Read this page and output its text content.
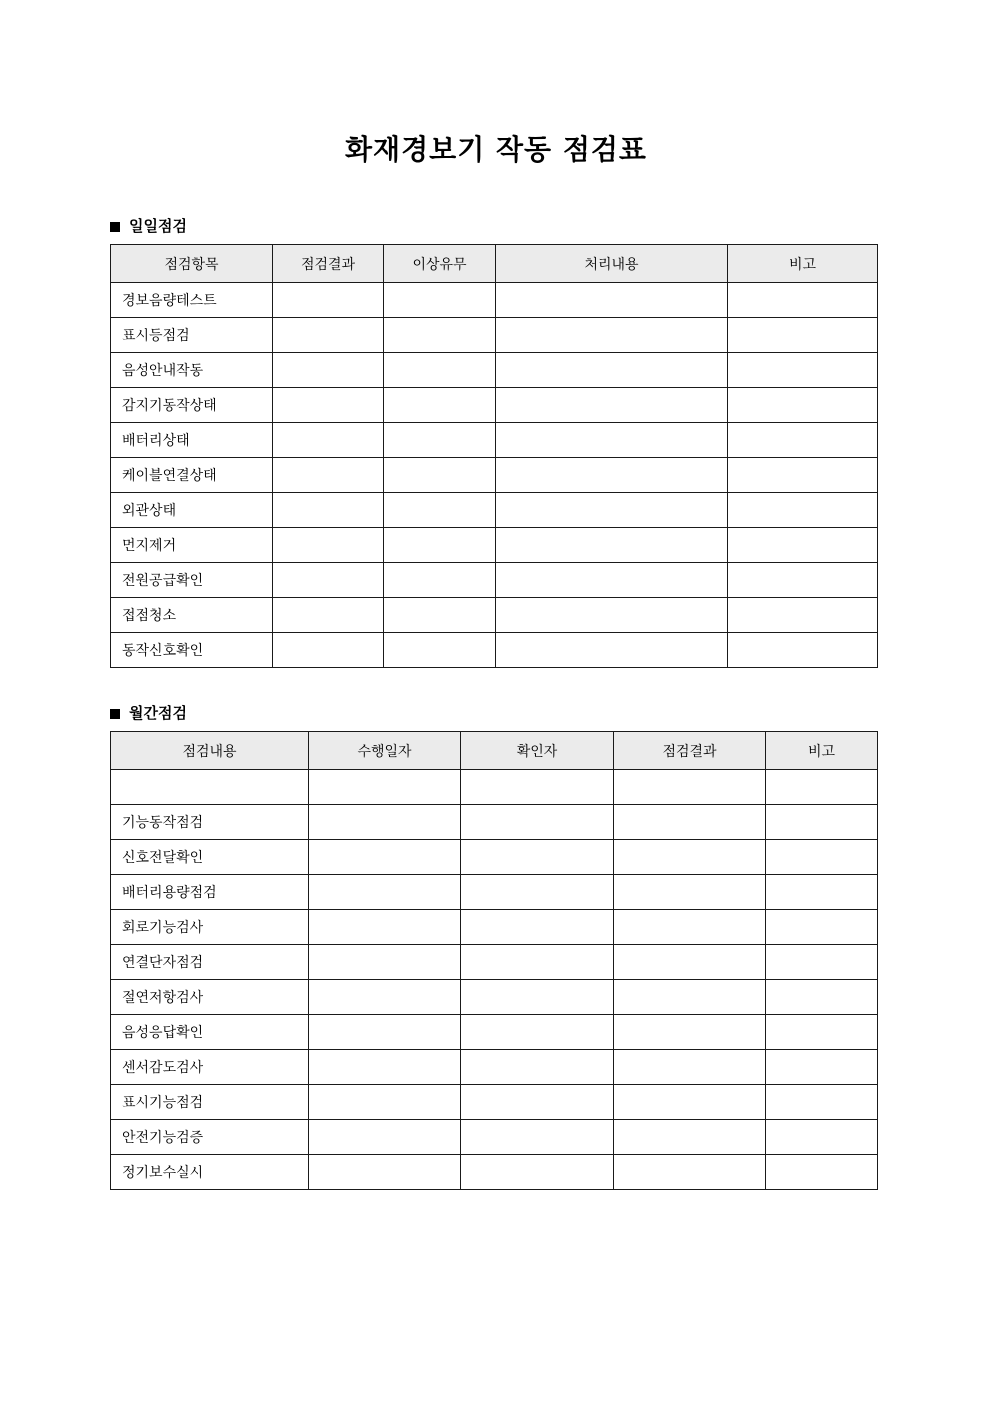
화재경보기 작동 점검표
일일점검
점검항목	점검결과	이상유무	처리내용	비고
경보음량테스트				
표시등점검				
음성안내작동				
감지기동작상태				
배터리상태				
케이블연결상태				
외관상태				
먼지제거				
전원공급확인				
접점청소				
동작신호확인				
월간점검
점검내용	수행일자	확인자	점검결과	비고

기능동작점검				
신호전달확인				
배터리용량점검				
회로기능검사				
연결단자점검				
절연저항검사				
음성응답확인				
센서감도검사				
표시기능점검				
안전기능검증				
정기보수실시				
